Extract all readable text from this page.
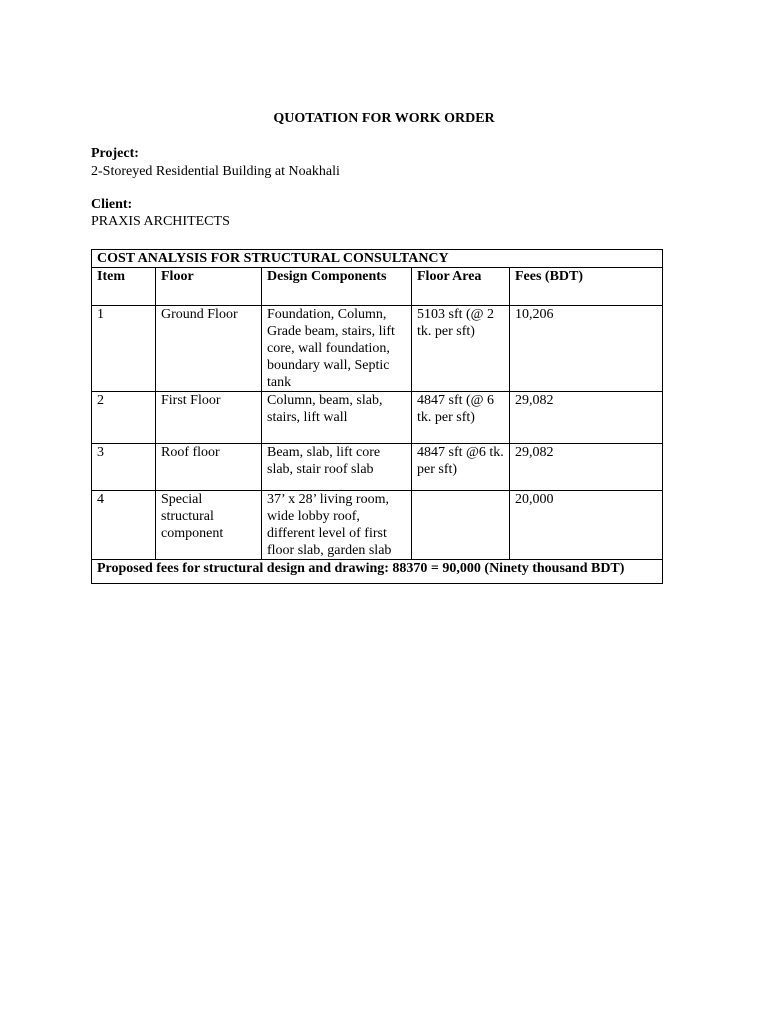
QUOTATION FOR WORK ORDER
Project:
2-Storeyed Residential Building at Noakhali
Client:
PRAXIS ARCHITECTS
COST ANALYSIS FOR STRUCTURAL CONSULTANCY				
Item	Floor	Design Components	Floor Area	Fees (BDT)
1	Ground Floor	Foundation, Column, Grade beam, stairs, lift core, wall foundation, boundary wall, Septic tank	5103 sft (@ 2 tk. per sft)	10,206
2	First Floor	Column, beam, slab, stairs, lift wall	4847 sft (@ 6 tk. per sft)	29,082
3	Roof floor	Beam, slab, lift core slab, stair roof slab	4847 sft @6 tk. per sft)	29,082
4	Special structural component	37’ x 28’ living room, wide lobby roof, different level of first floor slab, garden slab		20,000
Proposed fees for structural design and drawing: 88370 = 90,000 (Ninety thousand BDT)				
